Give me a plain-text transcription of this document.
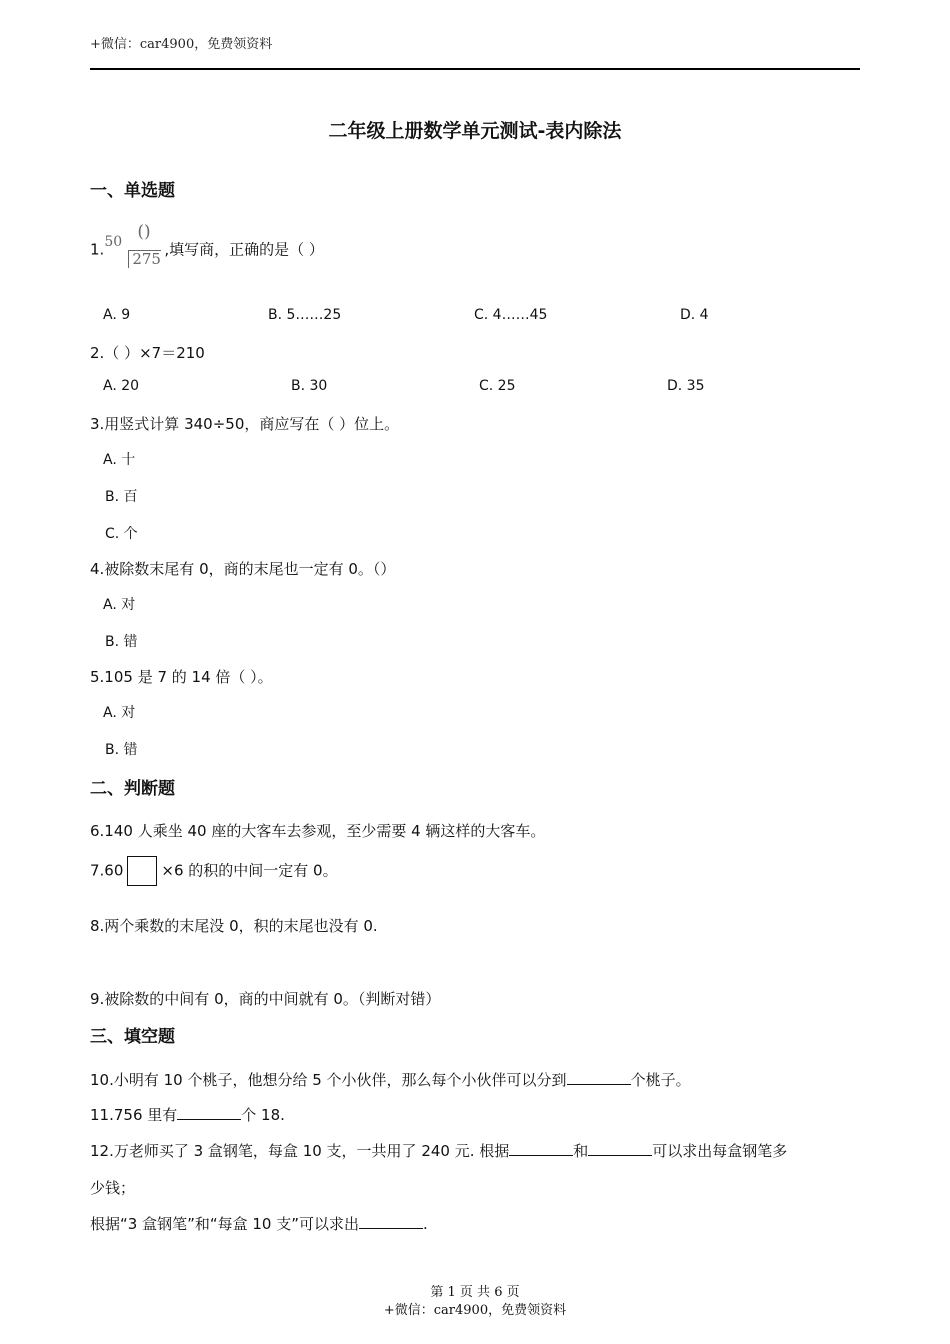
+微信：car4900，免费领资料
二年级上册数学单元测试-表内除法
一、单选题
1. 50 ()
275
,填写商，正确的是（ ）
A. 9	B. 5……25	C. 4……45	D. 4
2.（ ）×7＝210
A. 20	B. 30	C. 25	D. 35
3.用竖式计算 340÷50，商应写在（ ）位上。
A. 十
B. 百
C. 个
4.被除数末尾有 0，商的末尾也一定有 0。（）
A. 对
B. 错
5.105 是 7 的 14 倍（ ）。
A. 对
B. 错
二、判断题
6.140 人乘坐 40 座的大客车去参观，至少需要 4 辆这样的大客车。
7.60	×6 的积的中间一定有 0。
8.两个乘数的末尾没 0，积的末尾也没有 0.
9.被除数的中间有 0，商的中间就有 0。（判断对错）
三、填空题
10.小明有 10 个桃子，他想分给 5 个小伙伴，那么每个小伙伴可以分到	个桃子。
11.756 里有	个 18.
12.万老师买了 3 盒钢笔，每盒 10 支，一共用了 240 元. 根据	和	可以求出每盒钢笔多
少钱；
根据“3 盒钢笔”和“每盒 10 支”可以求出	.
第 1 页 共 6 页
+微信：car4900，免费领资料
